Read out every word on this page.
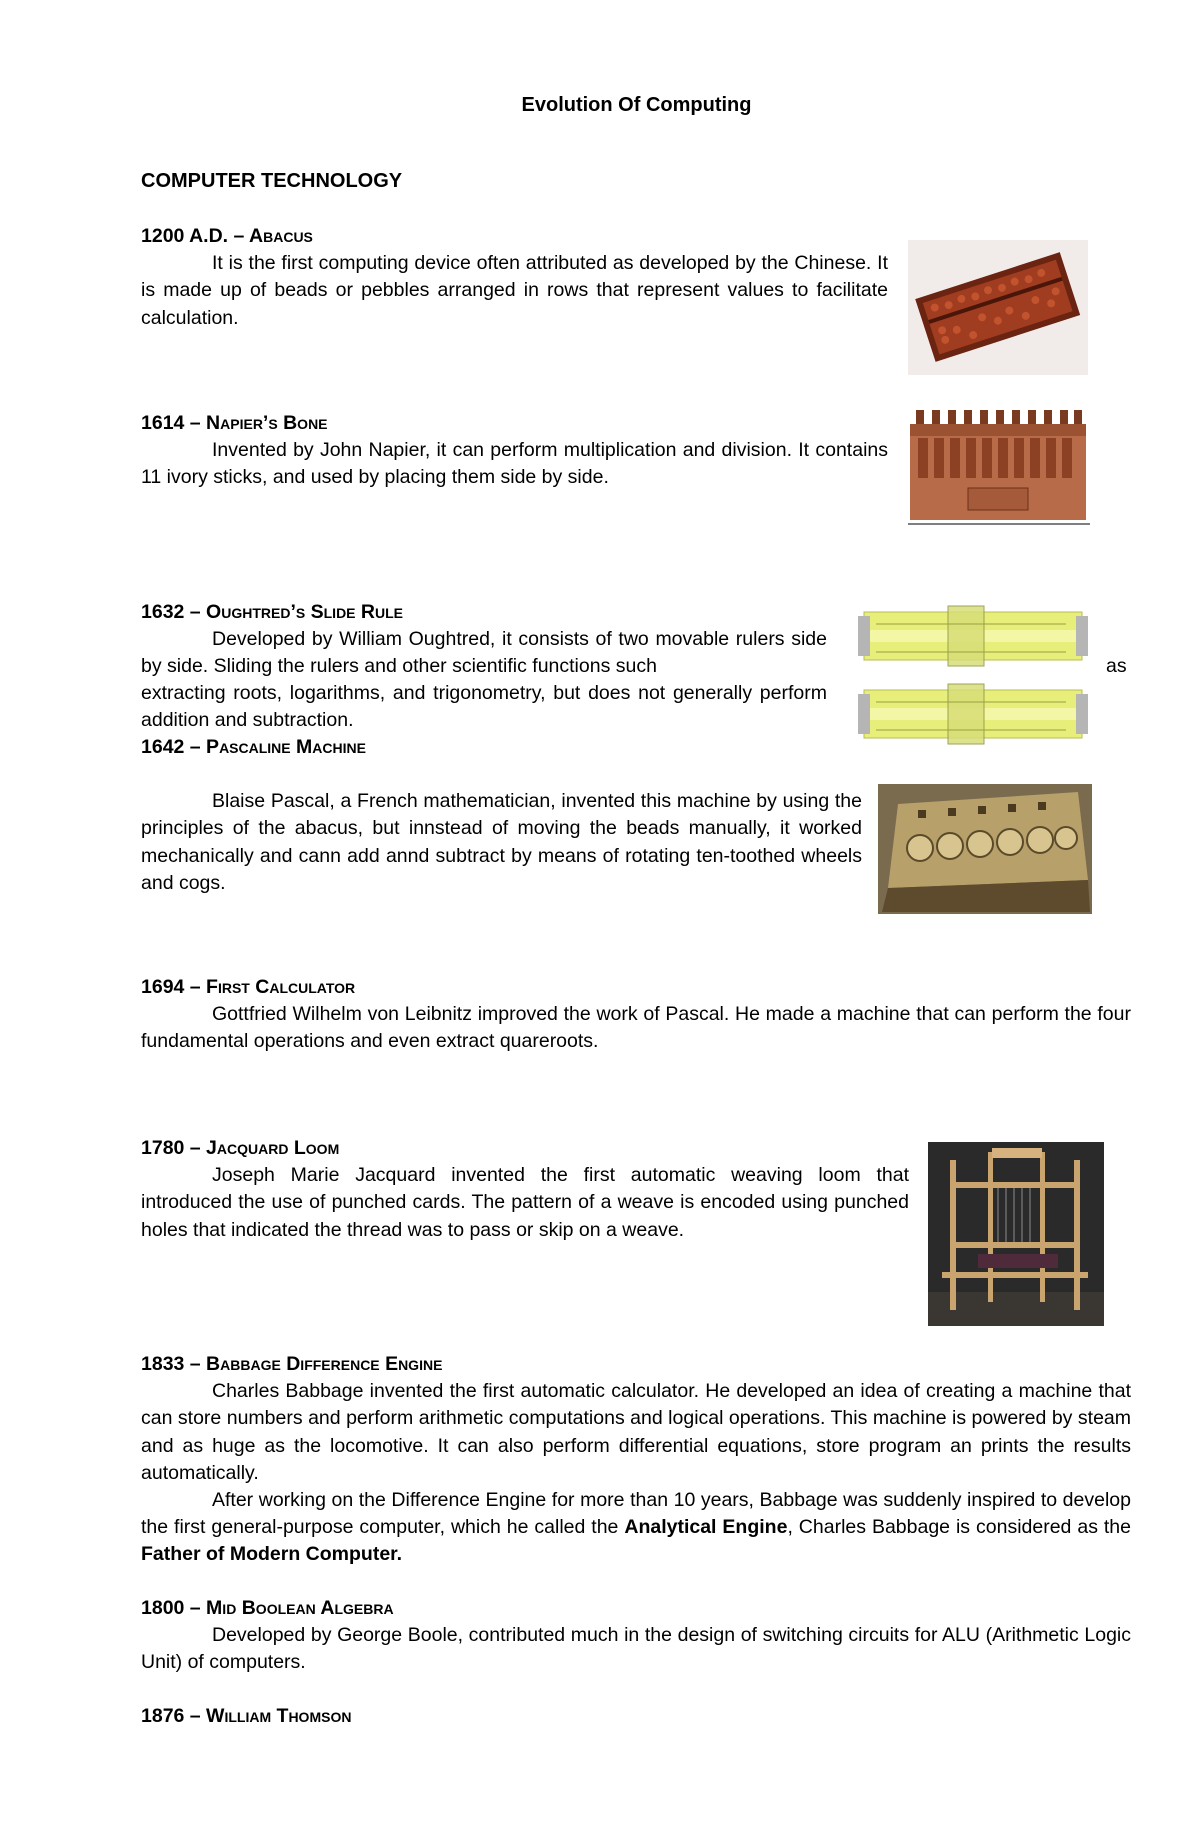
Evolution Of Computing
COMPUTER TECHNOLOGY
1200 A.D. – Abacus

It is the first computing device often attributed as developed by the Chinese. It is made up of beads or pebbles arranged in rows that represent values to facilitate calculation.

1614 – Napier’s Bone

Invented by John Napier, it can perform multiplication and division. It contains 11 ivory sticks, and used by placing them side by side.

1632 – Oughtred’s Slide Rule

Developed by William Oughtred, it consists of two movable rulers side by side. Sliding the rulers and other scientific functions such	as

extracting roots, logarithms, and trigonometry, but does not generally perform addition and subtraction.

1642 – Pascaline Machine

Blaise Pascal, a French mathematician, invented this machine by using the principles of the abacus, but innstead of moving the beads manually, it worked mechanically and cann add annd subtract by means of rotating ten-toothed wheels and cogs.

1694 – First Calculator

Gottfried Wilhelm von Leibnitz improved the work of Pascal. He made a machine that can perform the four fundamental operations and even extract quareroots.

1780 – Jacquard Loom

Joseph Marie Jacquard invented the first automatic weaving loom that introduced the use of punched cards. The pattern of a weave is encoded using punched holes that indicated the thread was to pass or skip on a weave.

1833 – Babbage Difference Engine

Charles Babbage invented the first automatic calculator. He developed an idea of creating a machine that can store numbers and perform arithmetic computations and logical operations. This machine is powered by steam and as huge as the locomotive. It can also perform differential equations, store program an prints the results automatically.

After working on the Difference Engine for more than 10 years, Babbage was suddenly inspired to develop the first general-purpose computer, which he called the Analytical Engine, Charles Babbage is considered as the Father of Modern Computer.

1800 – Mid Boolean Algebra

Developed by George Boole, contributed much in the design of switching circuits for ALU (Arithmetic Logic Unit) of computers.

1876 – William Thomson
